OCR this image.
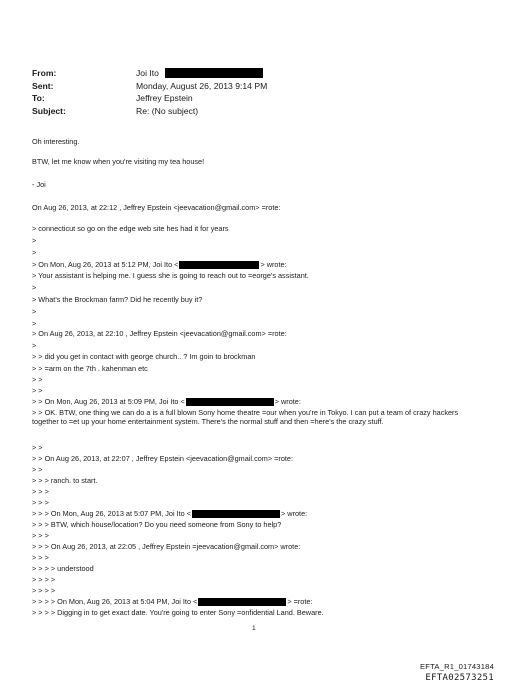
From:	Joi Ito
Sent:	Monday, August 26, 2013 9:14 PM
To:	Jeffrey Epstein
Subject:	Re: (No subject)
Oh interesting.
BTW, let me know when you're visiting my tea house!
- Joi
On Aug 26, 2013, at 22:12 , Jeffrey Epstein <jeevacation@gmail.com> =rote:
> connecticut so go on the edge web site hes had it for years
>
>
> On Mon, Aug 26, 2013 at 5:12 PM, Joi Ito <	> wrote:
> Your assistant is helping me. I guess she is going to reach out to =eorge's assistant.
>
> What's the Brockman farm? Did he recently buy it?
>
>
> On Aug 26, 2013, at 22:10 , Jeffrey Epstein <jeevacation@gmail.com> =rote:
>
> > did you get in contact with george church.. ? Im goin to brockman
> > =arm on the 7th . kahenman etc
> >
> >
> > On Mon, Aug 26, 2013 at 5:09 PM, Joi Ito <	> wrote:
> > OK. BTW, one thing we can do a is a full blown Sony home theatre =our when you're in Tokyo. I can put a team of crazy hackers together to =et up your home entertainment system. There's the normal stuff and then =here's the crazy stuff.
> >
> > On Aug 26, 2013, at 22:07 , Jeffrey Epstein <jeevacation@gmail.com> =rote:
> >
> > > ranch. to start.
> > >
> > >
> > > On Mon, Aug 26, 2013 at 5:07 PM, Joi Ito <	> wrote:
> > > BTW, which house/location? Do you need someone from Sony to help?
> > >
> > > On Aug 26, 2013, at 22:05 , Jeffrey Epstein =jeevacation@gmail.com> wrote:
> > >
> > > > understood
> > > >
> > > >
> > > > On Mon, Aug 26, 2013 at 5:04 PM, Joi Ito <	> =rote:
> > > > Digging in to get exact date. You're going to enter Sony =onfidential Land. Beware.
1
EFTA_R1_01743184
EFTA02573251
